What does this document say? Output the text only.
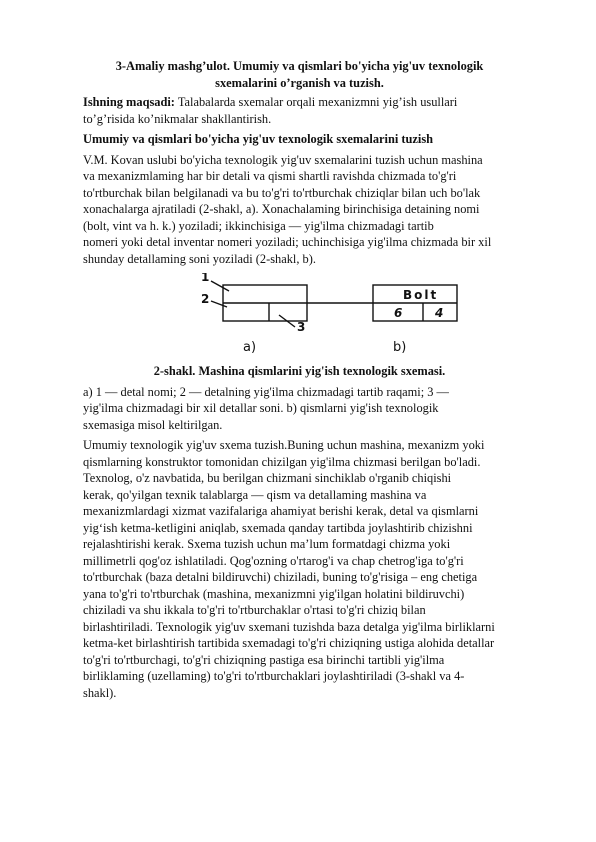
3-Amaliy mashg’ulot. Umumiy va qismlari bo'yicha yig'uv texnologik
sxemalarini o’rganish va tuzish.

Ishning maqsadi: Talabalarda sxemalar orqali mexanizmni yig’ish usullari
to’g’risida ko’nikmalar shakllantirish.

Umumiy va qismlari bo'yicha yig'uv texnologik sxemalarini tuzish

V.M. Kovan uslubi bo'yicha texnologik yig'uv sxemalarini tuzish uchun mashina
va mexanizmlaming har bir detali va qismi shartli ravishda chizmada to'g'ri
to'rtburchak bilan belgilanadi va bu to'g'ri to'rtburchak chiziqlar bilan uch bo'lak
xonachalarga ajratiladi (2-shakl, a). Xonachalaming birinchisiga detaining nomi
(bolt, vint va h. k.) yoziladi; ikkinchisiga — yig'ilma chizmadagi tartib
nomeri yoki detal inventar nomeri yoziladi; uchinchisiga yig'ilma chizmada bir xil
shunday detallaming soni yoziladi (2-shakl, b).

1
2
3
Bolt
6	4
a)	b)
2-shakl. Mashina qismlarini yig'ish texnologik sxemasi.

a) 1 — detal nomi; 2 — detalning yig'ilma chizmadagi tartib raqami; 3 —
yig'ilma chizmadagi bir xil detallar soni. b) qismlarni yig'ish texnologik
sxemasiga misol keltirilgan.

Umumiy texnologik yig'uv sxema tuzish.Buning uchun mashina, mexanizm yoki
qismlarning konstruktor tomonidan chizilgan yig'ilma chizmasi berilgan bo'ladi.
Texnolog, o'z navbatida, bu berilgan chizmani sinchiklab o'rganib chiqishi
kerak, qo'yilgan texnik talablarga — qism va detallaming mashina va
mexanizmlardagi xizmat vazifalariga ahamiyat berishi kerak, detal va qismlarni
yig‘ish ketma-ketligini aniqlab, sxemada qanday tartibda joylashtirib chizishni
rejalashtirishi kerak. Sxema tuzish uchun ma’lum formatdagi chizma yoki
millimetrli qog'oz ishlatiladi. Qog'ozning o'rtarog'i va chap chetrog'iga to'g'ri
to'rtburchak (baza detalni bildiruvchi) chiziladi, buning to'g'risiga – eng chetiga
yana to'g'ri to'rtburchak (mashina, mexanizmni yig'ilgan holatini bildiruvchi)
chiziladi va shu ikkala to'g'ri to'rtburchaklar o'rtasi to'g'ri chiziq bilan
birlashtiriladi. Texnologik yig'uv sxemani tuzishda baza detalga yig'ilma birliklarni
ketma-ket birlashtirish tartibida sxemadagi to'g'ri chiziqning ustiga alohida detallar
to'g'ri to'rtburchagi, to'g'ri chiziqning pastiga esa birinchi tartibli yig'ilma
birliklaming (uzellaming) to'g'ri to'rtburchaklari joylashtiriladi (3-shakl va 4-
shakl).
